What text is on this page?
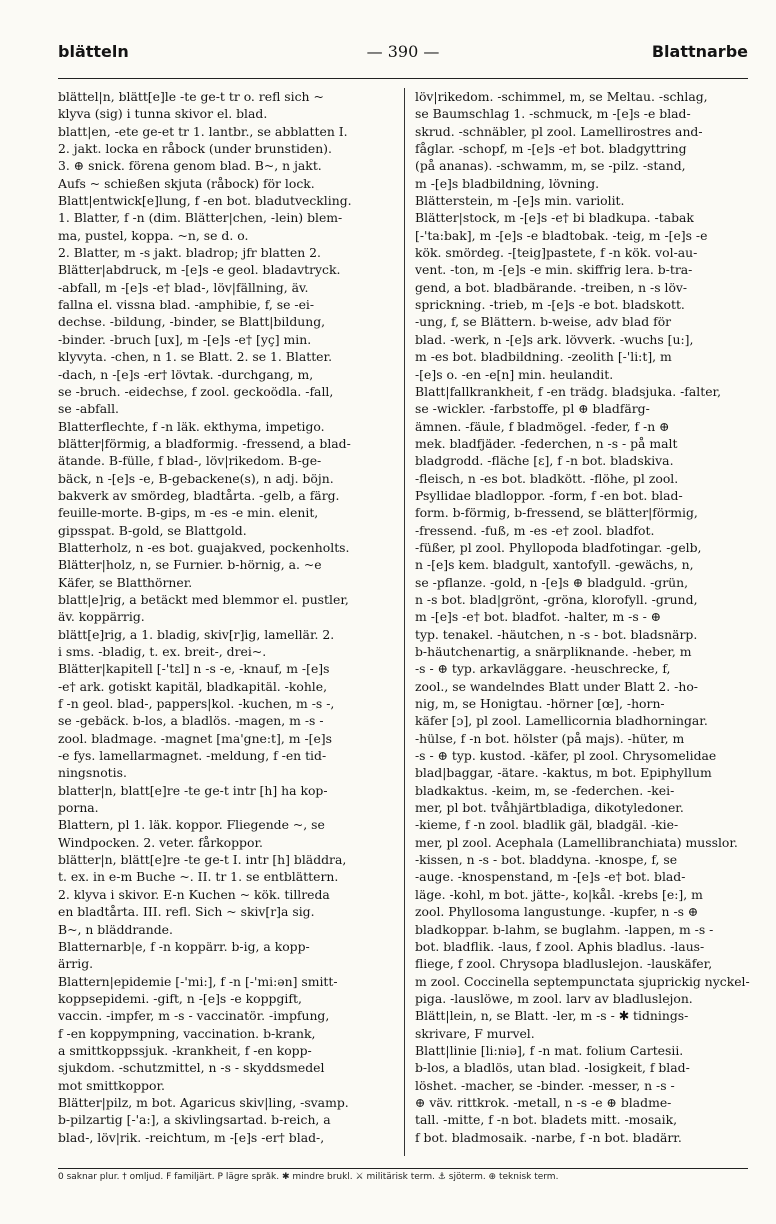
blätteln	— 390 —	Blattnarbe
blättel|n, blätt[e]le -te ge-t tr o. refl sich ~
klyva (sig) i tunna skivor el. blad.
blatt|en, -ete ge-et tr 1. lantbr., se abblatten I.
2. jakt. locka en råbock (under brunstiden).
3. ⊕ snick. förena genom blad. B~, n jakt.
Aufs ~ schießen skjuta (råbock) för lock.
Blatt|entwick[e]lung, f -en bot. bladutveckling.
1. Blatter, f -n (dim. Blätter|chen, -lein) blem-
ma, pustel, koppa. ~n, se d. o.
2. Blatter, m -s jakt. bladrop; jfr blatten 2.
Blätter|abdruck, m -[e]s -e geol. bladavtryck.
-abfall, m -[e]s -e† blad-, löv|fällning, äv.
fallna el. vissna blad. -amphibie, f, se -ei-
dechse. -bildung, -binder, se Blatt|bildung,
-binder. -bruch [ux], m -[e]s -e† [yç] min.
klyvyta. -chen, n 1. se Blatt. 2. se 1. Blatter.
-dach, n -[e]s -er† lövtak. -durchgang, m,
se -bruch. -eidechse, f zool. geckoödla. -fall,
se -abfall.
Blatterflechte, f -n läk. ekthyma, impetigo.
blätter|förmig, a bladformig. -fressend, a blad-
ätande. B-fülle, f blad-, löv|rikedom. B-ge-
bäck, n -[e]s -e, B-gebackene(s), n adj. böjn.
bakverk av smördeg, bladtårta. -gelb, a färg.
feuille-morte. B-gips, m -es -e min. elenit,
gipsspat. B-gold, se Blattgold.
Blatterholz, n -es bot. guajakved, pockenholts.
Blätter|holz, n, se Furnier. b-hörnig, a. ~e
Käfer, se Blatthörner.
blatt|e]rig, a betäckt med blemmor el. pustler,
äv. koppärrig.
blätt[e]rig, a 1. bladig, skiv[r]ig, lamellär. 2.
i sms. -bladig, t. ex. breit-, drei~.
Blätter|kapitell [-'tɛl] n -s -e, -knauf, m -[e]s
-e† ark. gotiskt kapitäl, bladkapitäl. -kohle,
f -n geol. blad-, pappers|kol. -kuchen, m -s -,
se -gebäck. b-los, a bladlös. -magen, m -s -
zool. bladmage. -magnet [ma'gne:t], m -[e]s
-e fys. lamellarmagnet. -meldung, f -en tid-
ningsnotis.
blatter|n, blatt[e]re -te ge-t intr [h] ha kop-
porna.
Blattern, pl 1. läk. koppor. Fliegende ~, se
Windpocken. 2. veter. fårkoppor.
blätter|n, blätt[e]re -te ge-t I. intr [h] bläddra,
t. ex. in e-m Buche ~. II. tr 1. se entblättern.
2. klyva i skivor. E-n Kuchen ~ kök. tillreda
en bladtårta. III. refl. Sich ~ skiv[r]a sig.
B~, n bläddrande.
Blatternarb|e, f -n koppärr. b-ig, a kopp-
ärrig.
Blattern|epidemie [-'mi:], f -n [-'mi:ən] smitt-
koppsepidemi. -gift, n -[e]s -e koppgift,
vaccin. -impfer, m -s - vaccinatör. -impfung,
f -en koppympning, vaccination. b-krank,
a smittkoppssjuk. -krankheit, f -en kopp-
sjukdom. -schutzmittel, n -s - skyddsmedel
mot smittkoppor.
Blätter|pilz, m bot. Agaricus skiv|ling, -svamp.
b-pilzartig [-'a:], a skivlingsartad. b-reich, a
blad-, löv|rik. -reichtum, m -[e]s -er† blad-,
löv|rikedom. -schimmel, m, se Meltau. -schlag,
se Baumschlag 1. -schmuck, m -[e]s -e blad-
skrud. -schnäbler, pl zool. Lamellirostres and-
fåglar. -schopf, m -[e]s -e† bot. bladgyttring
(på ananas). -schwamm, m, se -pilz. -stand,
m -[e]s bladbildning, lövning.
Blätterstein, m -[e]s min. variolit.
Blätter|stock, m -[e]s -e† bi bladkupa. -tabak
[-'ta:bak], m -[e]s -e bladtobak. -teig, m -[e]s -e
kök. smördeg. -[teig]pastete, f -n kök. vol-au-
vent. -ton, m -[e]s -e min. skiffrig lera. b-tra-
gend, a bot. bladbärande. -treiben, n -s löv-
sprickning. -trieb, m -[e]s -e bot. bladskott.
-ung, f, se Blättern. b-weise, adv blad för
blad. -werk, n -[e]s ark. lövverk. -wuchs [u:],
m -es bot. bladbildning. -zeolith [-'li:t], m
-[e]s o. -en -e[n] min. heulandit.
Blatt|fallkrankheit, f -en trädg. bladsjuka. -falter,
se -wickler. -farbstoffe, pl ⊕ bladfärg-
ämnen. -fäule, f bladmögel. -feder, f -n ⊕
mek. bladfjäder. -federchen, n -s - på malt
bladgrodd. -fläche [ɛ], f -n bot. bladskiva.
-fleisch, n -es bot. bladkött. -flöhe, pl zool.
Psyllidae bladloppor. -form, f -en bot. blad-
form. b-förmig, b-fressend, se blätter|förmig,
-fressend. -fuß, m -es -e† zool. bladfot.
-füßer, pl zool. Phyllopoda bladfotingar. -gelb,
n -[e]s kem. bladgult, xantofyll. -gewächs, n,
se -pflanze. -gold, n -[e]s ⊕ bladguld. -grün,
n -s bot. blad|grönt, -gröna, klorofyll. -grund,
m -[e]s -e† bot. bladfot. -halter, m -s - ⊕
typ. tenakel. -häutchen, n -s - bot. bladsnärp.
b-häutchenartig, a snärpliknande. -heber, m
-s - ⊕ typ. arkavläggare. -heuschrecke, f,
zool., se wandelndes Blatt under Blatt 2. -ho-
nig, m, se Honigtau. -hörner [œ], -horn-
käfer [ɔ], pl zool. Lamellicornia bladhorningar.
-hülse, f -n bot. hölster (på majs). -hüter, m
-s - ⊕ typ. kustod. -käfer, pl zool. Chrysomelidae
blad|baggar, -ätare. -kaktus, m bot. Epiphyllum
bladkaktus. -keim, m, se -federchen. -kei-
mer, pl bot. tvåhjärtbladiga, dikotyledoner.
-kieme, f -n zool. bladlik gäl, bladgäl. -kie-
mer, pl zool. Acephala (Lamellibranchiata) musslor.
-kissen, n -s - bot. bladdyna. -knospe, f, se
-auge. -knospenstand, m -[e]s -e† bot. blad-
läge. -kohl, m bot. jätte-, ko|kål. -krebs [e:], m
zool. Phyllosoma langustunge. -kupfer, n -s ⊕
bladkoppar. b-lahm, se buglahm. -lappen, m -s -
bot. bladflik. -laus, f zool. Aphis bladlus. -laus-
fliege, f zool. Chrysopa bladluslejon. -lauskäfer,
m zool. Coccinella septempunctata sjuprickig nyckel-
piga. -lauslöwe, m zool. larv av bladluslejon.
Blätt|lein, n, se Blatt. -ler, m -s - ✱ tidnings-
skrivare, F murvel.
Blatt|linie [li:niə], f -n mat. folium Cartesii.
b-los, a bladlös, utan blad. -losigkeit, f blad-
löshet. -macher, se -binder. -messer, n -s -
⊕ väv. rittkrok. -metall, n -s -e ⊕ bladme-
tall. -mitte, f -n bot. bladets mitt. -mosaik,
f bot. bladmosaik. -narbe, f -n bot. bladärr.
0 saknar plur. † omljud. F familjärt. P lägre språk. ✱ mindre brukl. ⚔ militärisk term. ⚓ sjöterm. ⊕ teknisk term.
